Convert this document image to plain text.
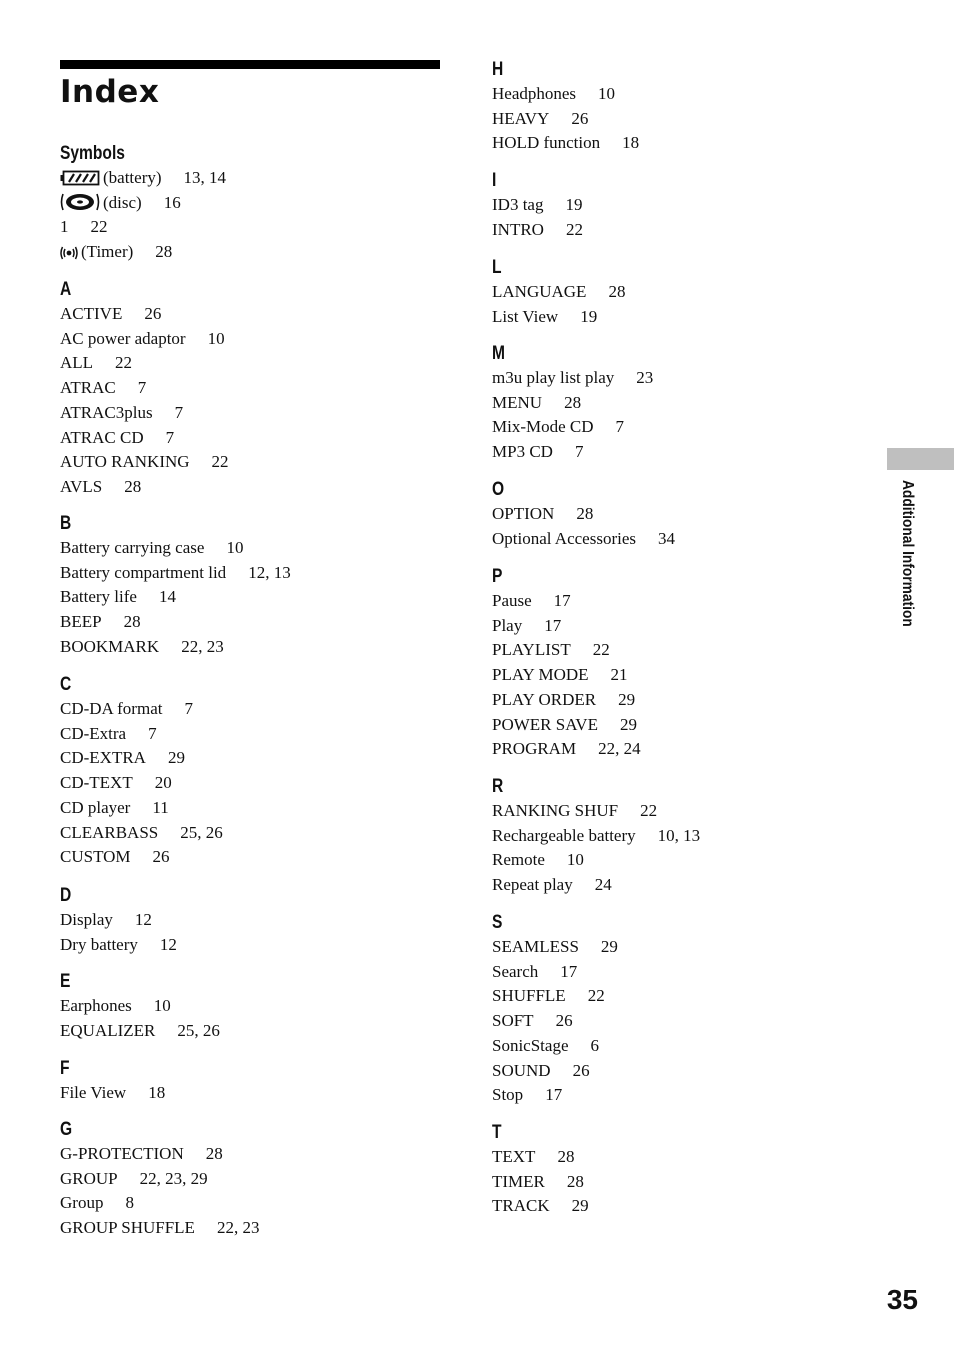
Index
Symbols
(battery) 13, 14
(disc) 16
1 22
(Timer) 28
A
ACTIVE 26
AC power adaptor 10
ALL 22
ATRAC 7
ATRAC3plus 7
ATRAC CD 7
AUTO RANKING 22
AVLS 28
B
Battery carrying case 10
Battery compartment lid 12, 13
Battery life 14
BEEP 28
BOOKMARK 22, 23
C
CD-DA format 7
CD-Extra 7
CD-EXTRA 29
CD-TEXT 20
CD player 11
CLEARBASS 25, 26
CUSTOM 26
D
Display 12
Dry battery 12
E
Earphones 10
EQUALIZER 25, 26
F
File View 18
G
G-PROTECTION 28
GROUP 22, 23, 29
Group 8
GROUP SHUFFLE 22, 23
H
Headphones 10
HEAVY 26
HOLD function 18
I
ID3 tag 19
INTRO 22
L
LANGUAGE 28
List View 19
M
m3u play list play 23
MENU 28
Mix-Mode CD 7
MP3 CD 7
O
OPTION 28
Optional Accessories 34
P
Pause 17
Play 17
PLAYLIST 22
PLAY MODE 21
PLAY ORDER 29
POWER SAVE 29
PROGRAM 22, 24
R
RANKING SHUF 22
Rechargeable battery 10, 13
Remote 10
Repeat play 24
S
SEAMLESS 29
Search 17
SHUFFLE 22
SOFT 26
SonicStage 6
SOUND 26
Stop 17
T
TEXT 28
TIMER 28
TRACK 29
Additional Information
35
